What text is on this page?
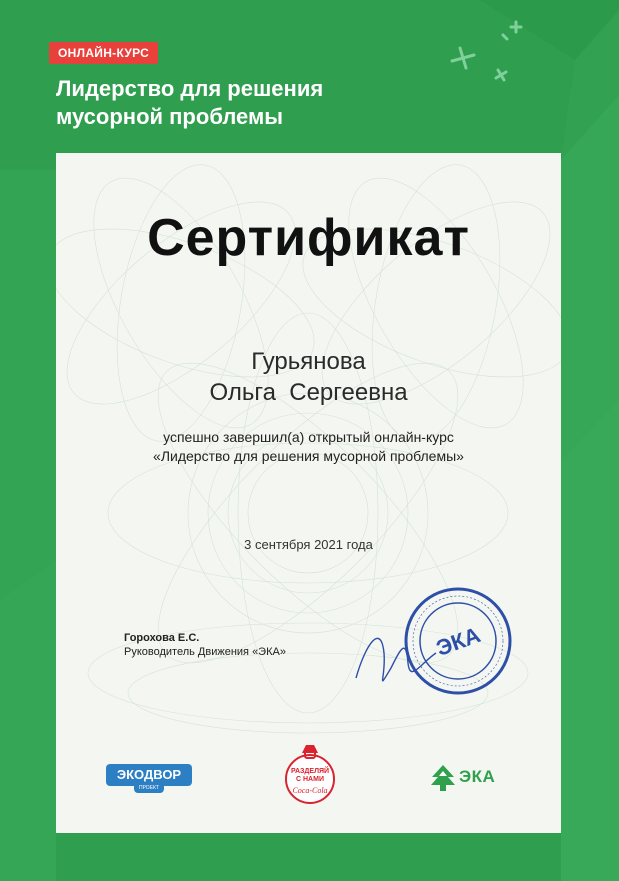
ОНЛАЙН-КУРС
Лидерство для решения
мусорной проблемы
Сертификат
Гурьянова
Ольга  Сергеевна
успешно завершил(а) открытый онлайн-курс
«Лидерство для решения мусорной проблемы»
3 сентября 2021 года
Горохова Е.С.
Руководитель Движения «ЭКА»	ЭКА
ЭКОДВОР
ПРОЕКТ
РАЗДЕЛЯЙ
С НАМИ
Coca-Cola
ЭКА
